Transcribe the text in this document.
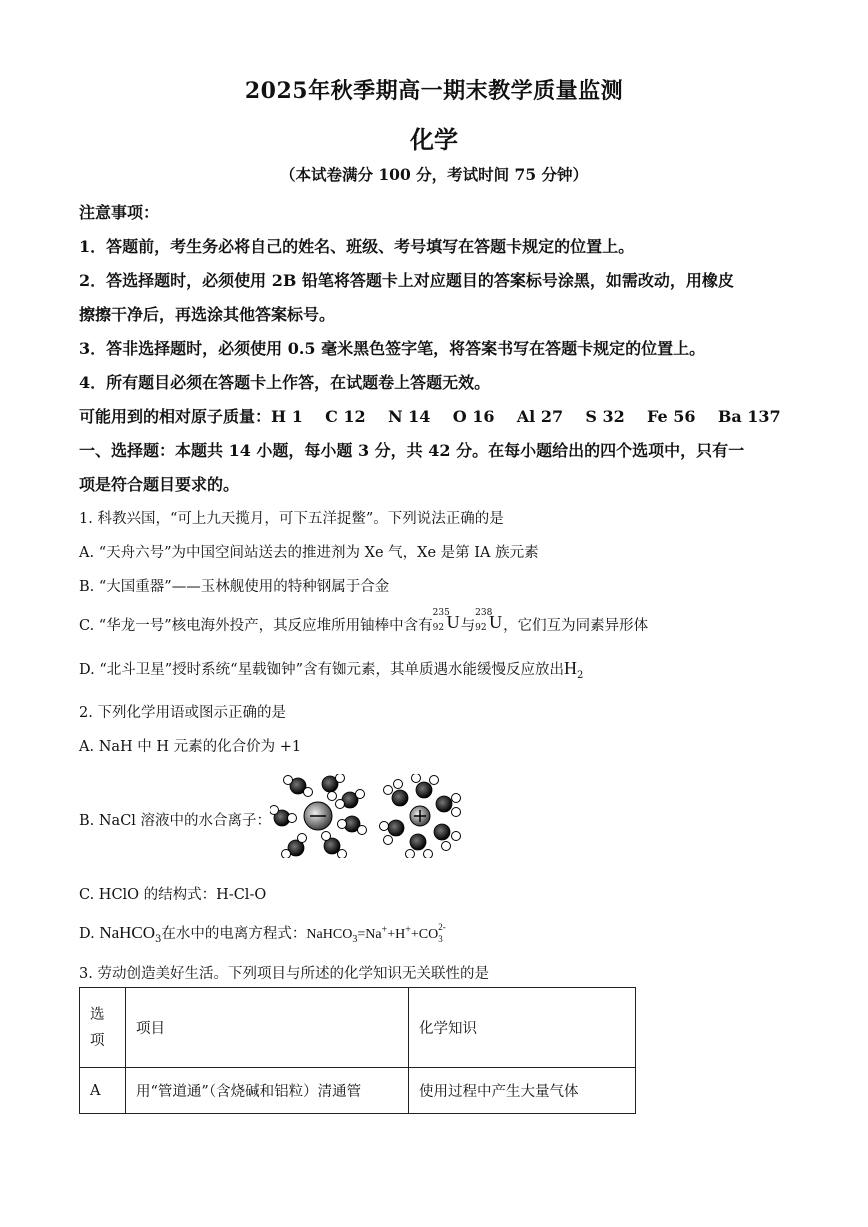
2025年秋季期高一期末教学质量监测
化学
（本试卷满分 100 分，考试时间 75 分钟）
注意事项：
1．答题前，考生务必将自己的姓名、班级、考号填写在答题卡规定的位置上。
2．答选择题时，必须使用 2B 铅笔将答题卡上对应题目的答案标号涂黑，如需改动，用橡皮
擦擦干净后，再选涂其他答案标号。
3．答非选择题时，必须使用 0.5 毫米黑色签字笔，将答案书写在答题卡规定的位置上。
4．所有题目必须在答题卡上作答，在试题卷上答题无效。
可能用到的相对原子质量：H 1    C 12    N 14    O 16    Al 27    S 32    Fe 56    Ba 137
一、选择题：本题共 14 小题，每小题 3 分，共 42 分。在每小题给出的四个选项中，只有一
项是符合题目要求的。
1. 科教兴国，“可上九天揽月，可下五洋捉鳖”。下列说法正确的是
A. “天舟六号”为中国空间站送去的推进剂为 Xe 气，Xe 是第 IA 族元素
B. “大国重器”——玉林舰使用的特种钢属于合金
C. “华龙一号”核电海外投产，其反应堆所用铀棒中含有
235
92 U 与
238
92 U ，它们互为同素异形体
D. “北斗卫星”授时系统“星载铷钟”含有铷元素，其单质遇水能缓慢反应放出$H_2$
2. 下列化学用语或图示正确的是
A. NaH 中 H 元素的化合价为 +1
B. NaCl 溶液中的水合离子：
C. HClO 的结构式：H-Cl-O
D. NaHCO$_3$在水中的电离方程式：NaHCO$_3$=Na++H++CO
2-
3
3. 劳动创造美好生活。下列项目与所述的化学知识无关联性的是
选
项	项目	化学知识
A	用“管道通”（含烧碱和铝粒）清通管	使用过程中产生大量气体
